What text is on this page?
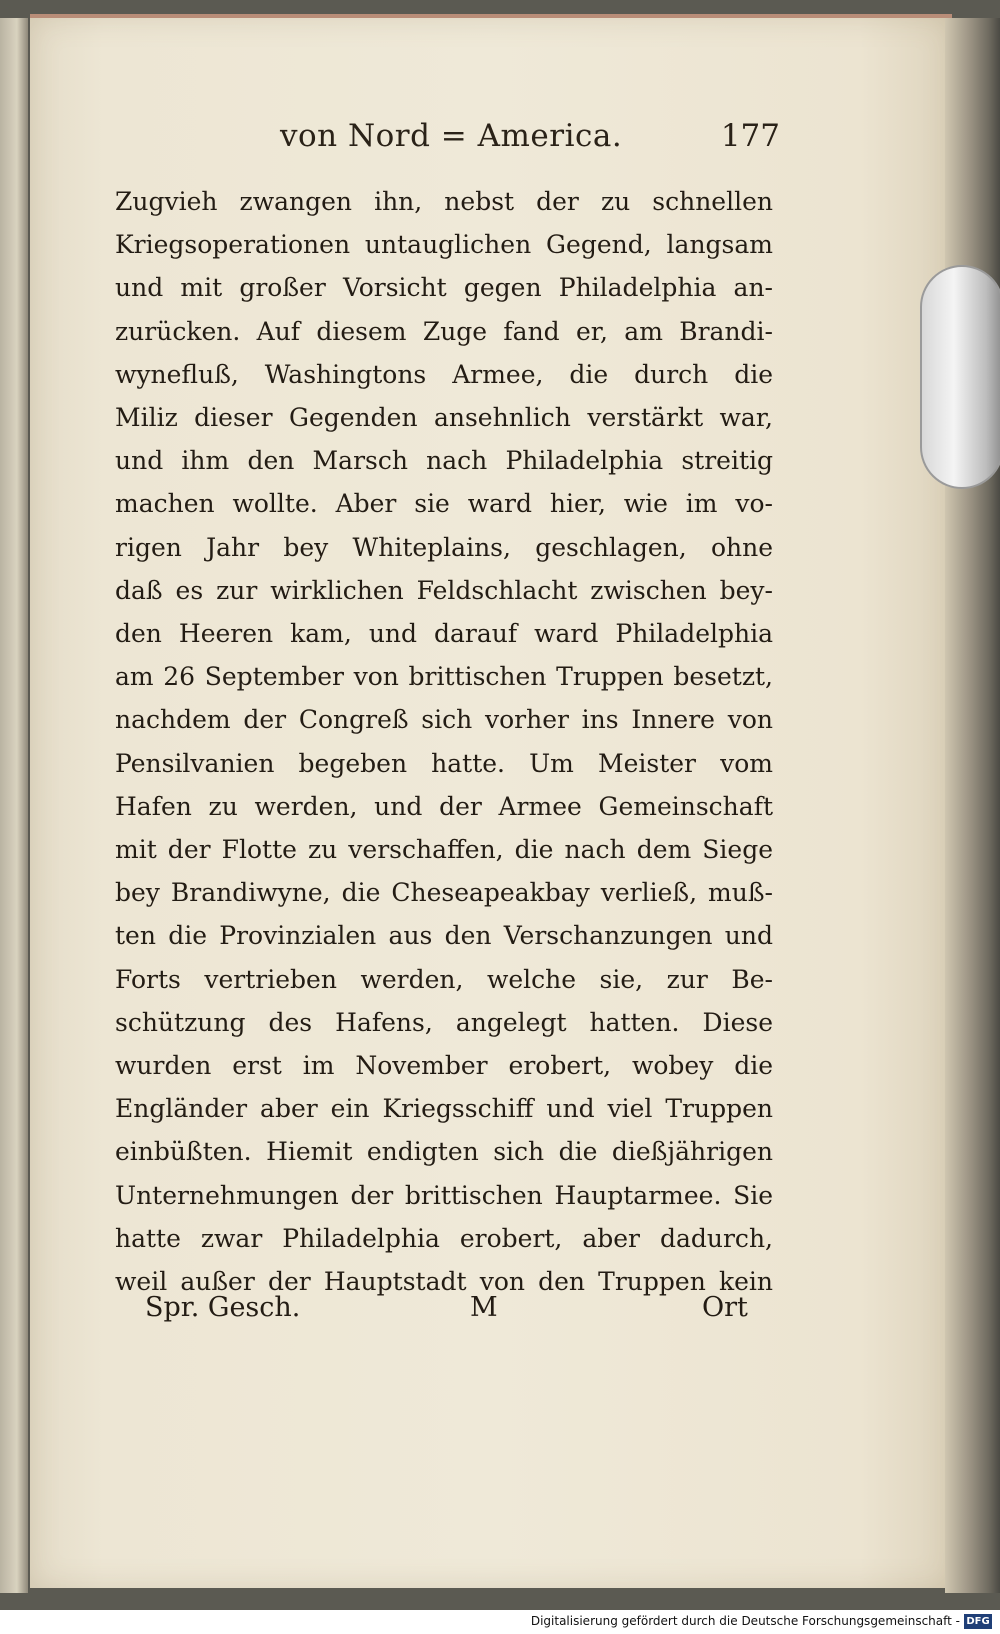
von Nord = America.	177
Zugvieh zwangen ihn, nebst der zu schnellen
Kriegsoperationen untauglichen Gegend, langsam
und mit großer Vorsicht gegen Philadelphia an-
zurücken. Auf diesem Zuge fand er, am Brandi-
wynefluß, Washingtons Armee, die durch die
Miliz dieser Gegenden ansehnlich verstärkt war,
und ihm den Marsch nach Philadelphia streitig
machen wollte. Aber sie ward hier, wie im vo-
rigen Jahr bey Whiteplains, geschlagen, ohne
daß es zur wirklichen Feldschlacht zwischen bey-
den Heeren kam, und darauf ward Philadelphia
am 26 September von brittischen Truppen besetzt,
nachdem der Congreß sich vorher ins Innere von
Pensilvanien begeben hatte. Um Meister vom
Hafen zu werden, und der Armee Gemeinschaft
mit der Flotte zu verschaffen, die nach dem Siege
bey Brandiwyne, die Cheseapeakbay verließ, muß-
ten die Provinzialen aus den Verschanzungen und
Forts vertrieben werden, welche sie, zur Be-
schützung des Hafens, angelegt hatten. Diese
wurden erst im November erobert, wobey die
Engländer aber ein Kriegsschiff und viel Truppen
einbüßten. Hiemit endigten sich die dießjährigen
Unternehmungen der brittischen Hauptarmee. Sie
hatte zwar Philadelphia erobert, aber dadurch,
weil außer der Hauptstadt von den Truppen kein
Spr. Gesch.	M	Ort
Digitalisierung gefördert durch die Deutsche Forschungsgemeinschaft - DFG
